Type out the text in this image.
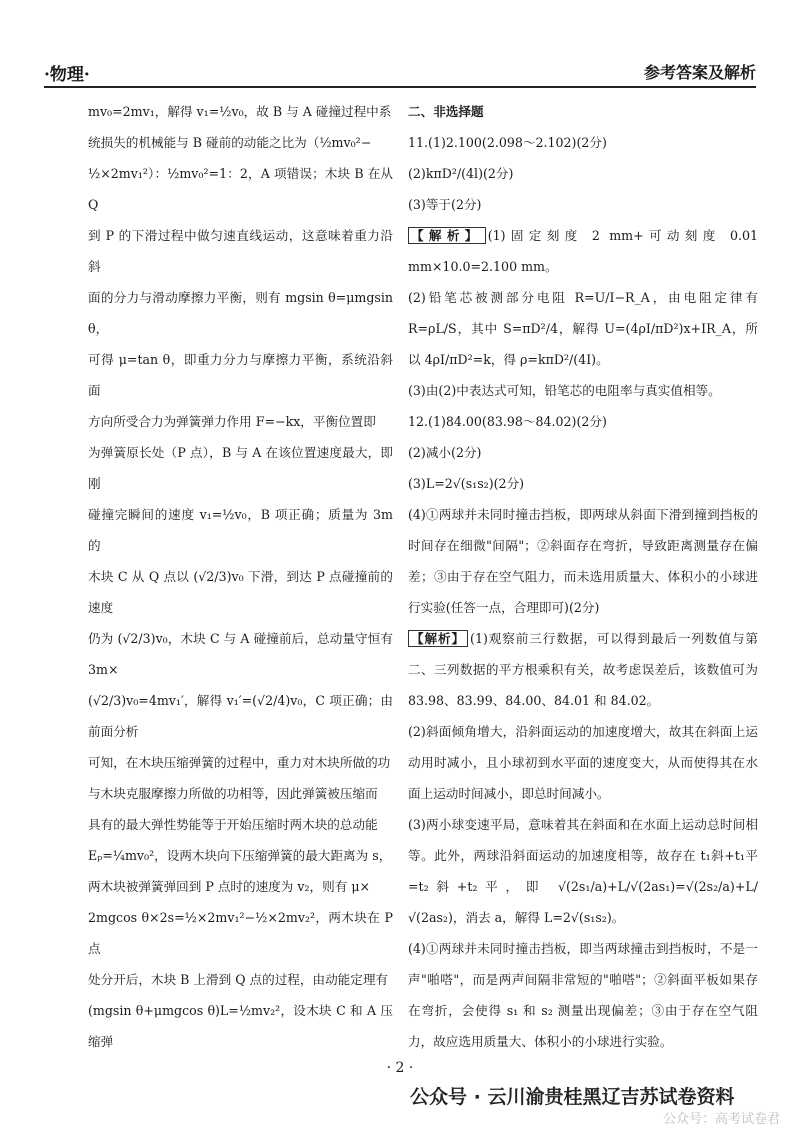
·物理·	参考答案及解析

mv₀=2mv₁，解得 v₁=½v₀，故 B 与 A 碰撞过程中系

统损失的机械能与 B 碰前的动能之比为（½mv₀²−

½×2mv₁²）：½mv₀²=1：2，A 项错误；木块 B 在从 Q

到 P 的下滑过程中做匀速直线运动，这意味着重力沿斜

面的分力与滑动摩擦力平衡，则有 mgsin θ=μmgsin θ，

可得 μ=tan θ，即重力分力与摩擦力平衡，系统沿斜面

方向所受合力为弹簧弹力作用 F=−kx，平衡位置即

为弹簧原长处（P 点），B 与 A 在该位置速度最大，即刚

碰撞完瞬间的速度 v₁=½v₀，B 项正确；质量为 3m 的

木块 C 从 Q 点以 (√2/3)v₀ 下滑，到达 P 点碰撞前的速度

仍为 (√2/3)v₀，木块 C 与 A 碰撞前后，总动量守恒有 3m×

(√2/3)v₀=4mv₁′，解得 v₁′=(√2/4)v₀，C 项正确；由前面分析

可知，在木块压缩弹簧的过程中，重力对木块所做的功

与木块克服摩擦力所做的功相等，因此弹簧被压缩而

具有的最大弹性势能等于开始压缩时两木块的总动能

Eₚ=¼mv₀²，设两木块向下压缩弹簧的最大距离为 s，

两木块被弹簧弹回到 P 点时的速度为 v₂，则有 μ×

2mgcos θ×2s=½×2mv₁²−½×2mv₂²，两木块在 P 点

处分开后，木块 B 上滑到 Q 点的过程，由动能定理有

(mgsin θ+μmgcos θ)L=½mv₂²，设木块 C 和 A 压缩弹

二、非选择题

11.(1)2.100(2.098～2.102)(2分)

(2)kπD²/(4l)(2分)

(3)等于(2分)

【解析】 (1)固定刻度 2 mm+可动刻度 0.01 mm×10.0=2.100 mm。

(2)铅笔芯被测部分电阻 R=U/I−R_A，由电阻定律有 R=ρL/S，其中 S=πD²/4，解得 U=(4ρI/πD²)x+IR_A，所以 4ρI/πD²=k，得 ρ=kπD²/(4I)。

(3)由(2)中表达式可知，铅笔芯的电阻率与真实值相等。

12.(1)84.00(83.98～84.02)(2分)

(2)减小(2分)

(3)L=2√(s₁s₂)(2分)

(4)①两球并未同时撞击挡板，即两球从斜面下滑到撞到挡板的时间存在细微"间隔"；②斜面存在弯折，导致距离测量存在偏差；③由于存在空气阻力，而未选用质量大、体积小的小球进行实验(任答一点，合理即可)(2分)

【解析】 (1)观察前三行数据，可以得到最后一列数值与第二、三列数据的平方根乘积有关，故考虑误差后，该数值可为 83.98、83.99、84.00、84.01 和 84.02。

(2)斜面倾角增大，沿斜面运动的加速度增大，故其在斜面上运动用时减小，且小球初到水平面的速度变大，从而使得其在水面上运动时间减小，即总时间减小。

(3)两小球变速平局，意味着其在斜面和在水面上运动总时间相等。此外，两球沿斜面运动的加速度相等，故存在 t₁斜+t₁平=t₂斜+t₂平，即 √(2s₁/a)+L/√(2as₁)=√(2s₂/a)+L/√(2as₂)，消去 a，解得 L=2√(s₁s₂)。

(4)①两球并未同时撞击挡板，即当两球撞击到挡板时，不是一声"啪嗒"，而是两声间隔非常短的"啪嗒"；②斜面平板如果存在弯折，会使得 s₁ 和 s₂ 测量出现偏差；③由于存在空气阻力，故应选用质量大、体积小的小球进行实验。

· 2 ·
公众号 · 云川渝贵桂黑辽吉苏试卷资料
公众号：高考试卷君
